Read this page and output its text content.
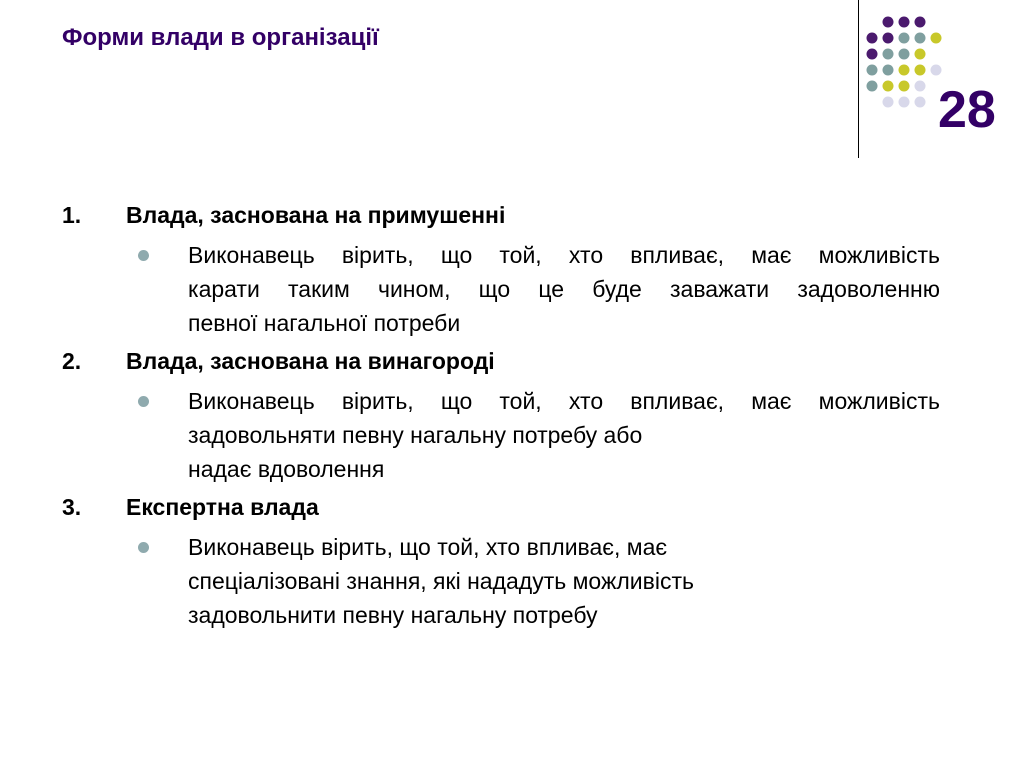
Форми влади в організації
28
1.	Влада, заснована на примушенні
Виконавець вірить, що той, хто впливає, має можливість
карати таким чином, що це буде заважати задоволенню
певної нагальної потреби
2.	Влада, заснована на винагороді
Виконавець вірить, що той, хто впливає, має можливість
задовольняти певну нагальну потребу або
надає вдоволення
3.	Експертна влада
Виконавець вірить, що той, хто впливає, має
спеціалізовані знання, які нададуть можливість
задовольнити певну нагальну потребу
